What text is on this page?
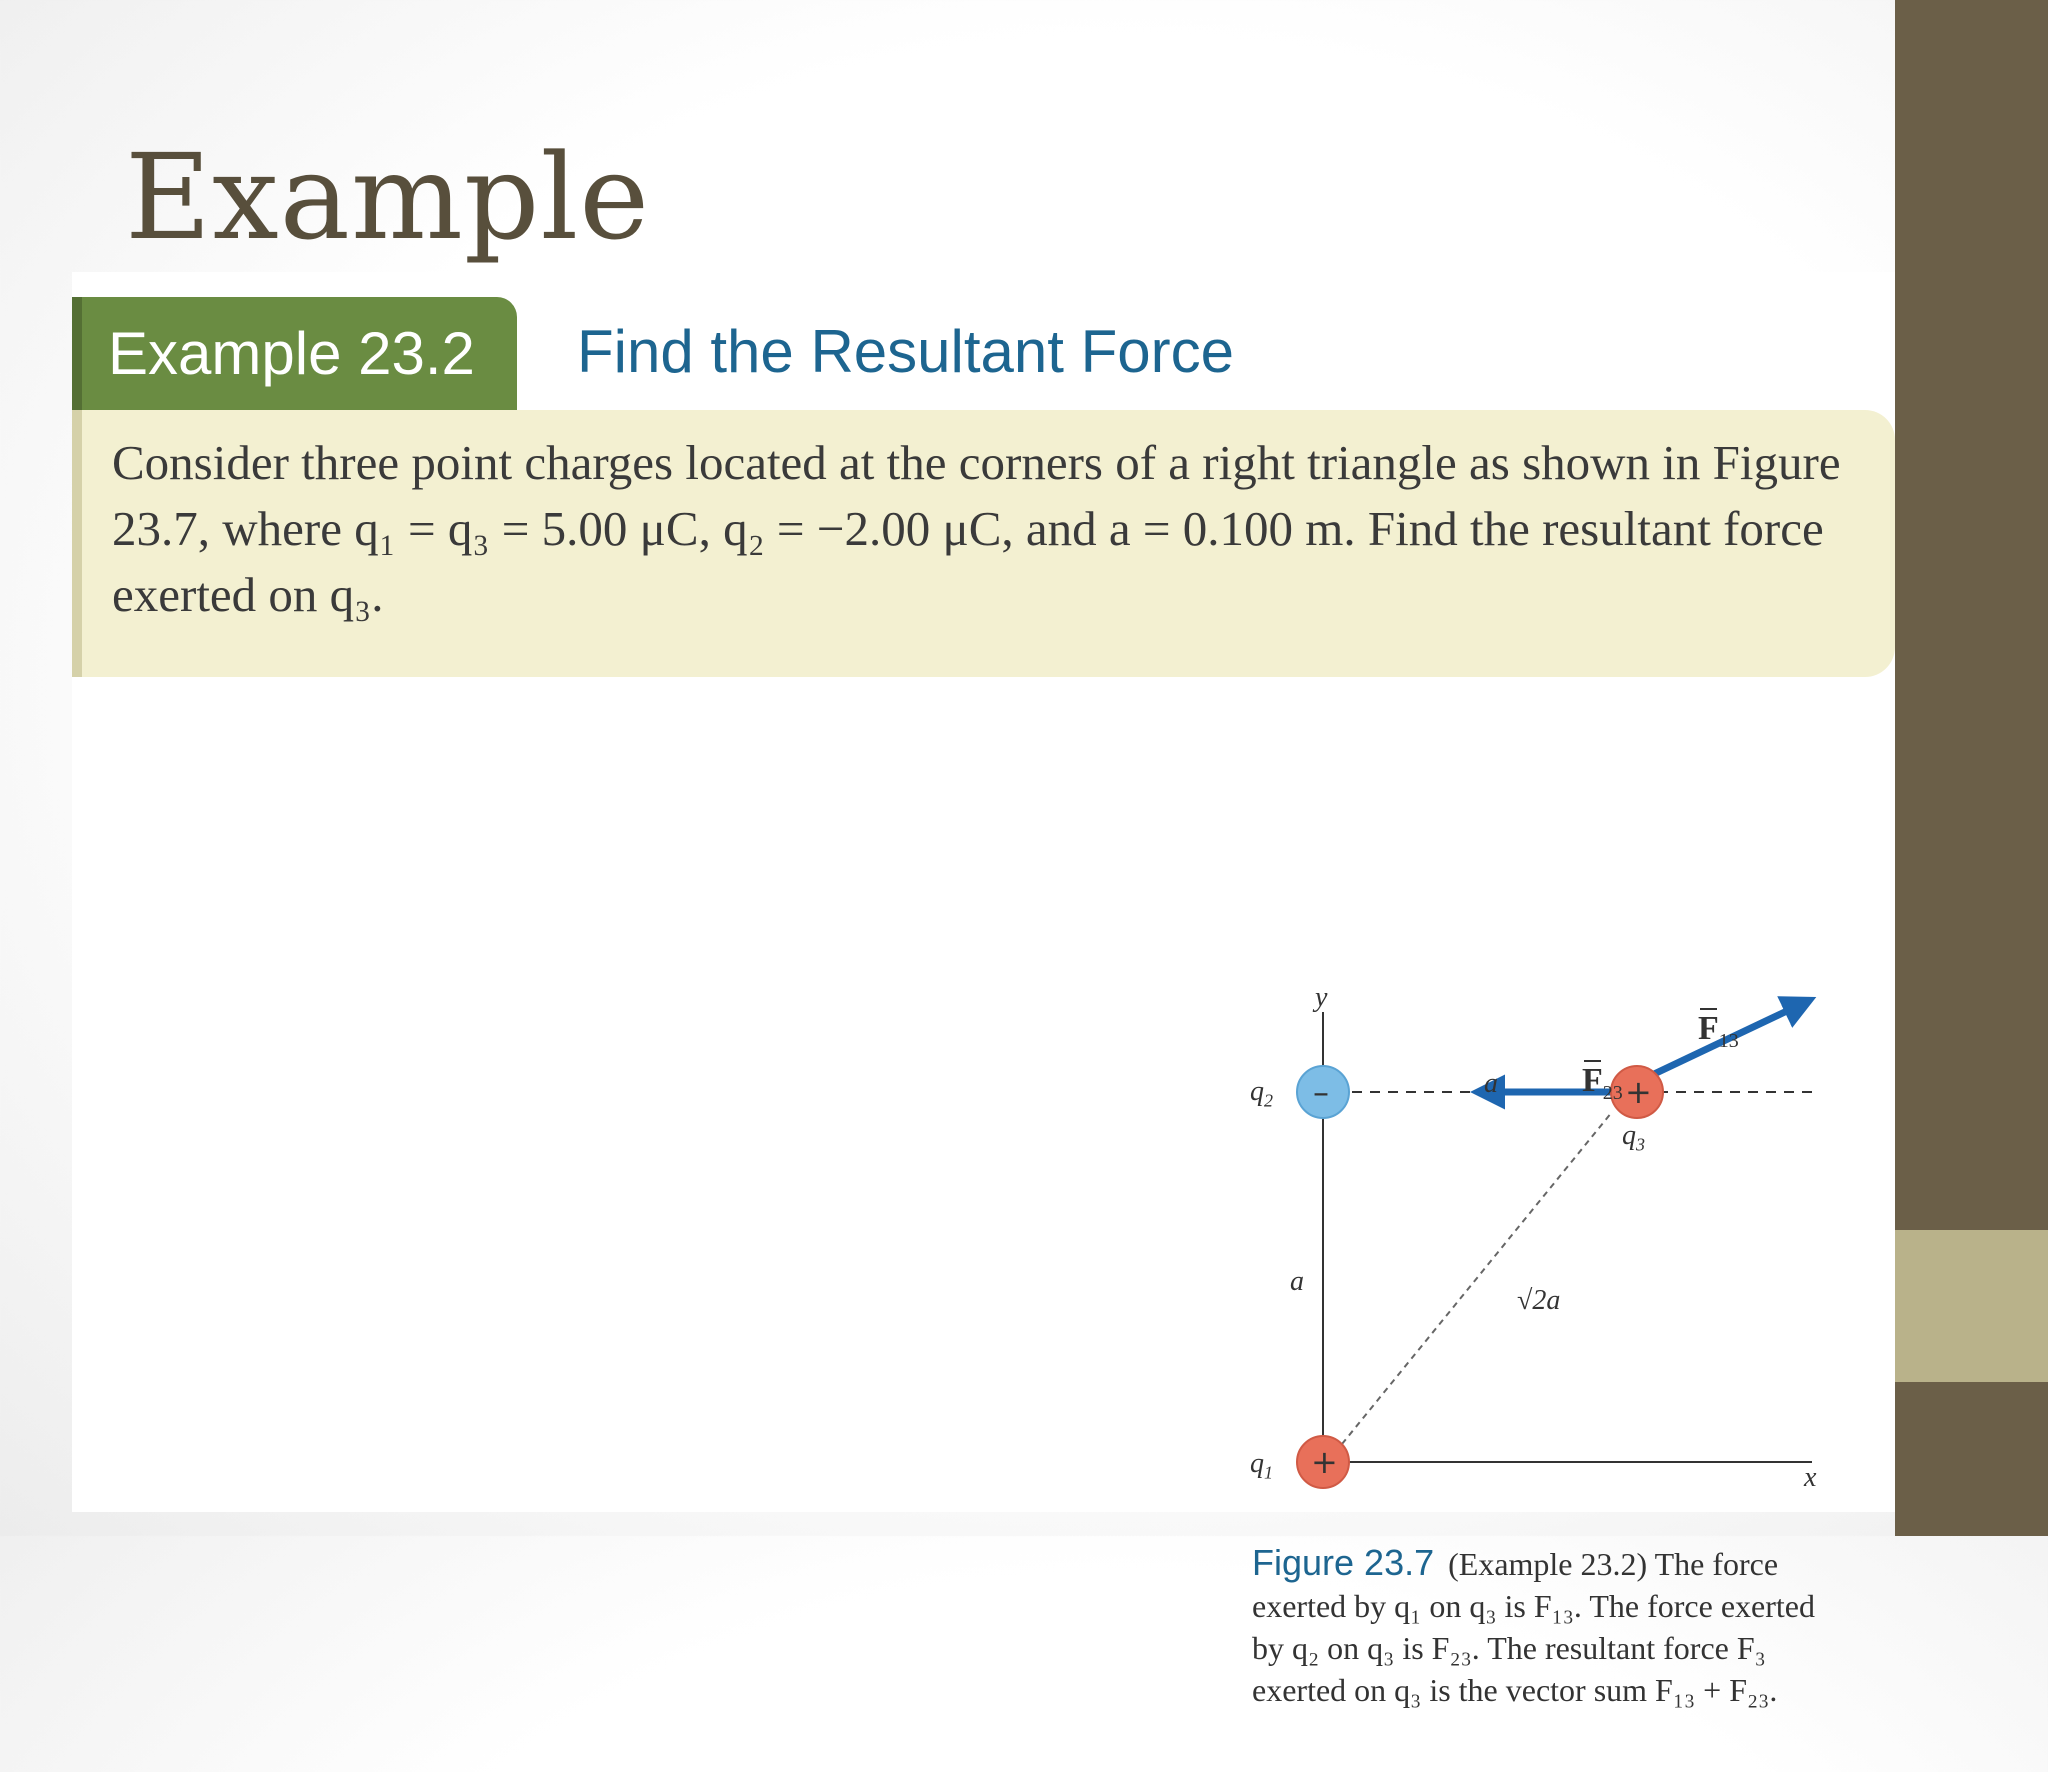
Example
Example 23.2 Find the Resultant Force

Consider three point charges located at the corners of a right triangle as shown in Figure 23.7, where q₁ = q₃ = 5.00 μC, q₂ = −2.00 μC, and a = 0.100 m. Find the resultant force exerted on q₃.

–	+
+
y
x
$q_2$
$q_3$
$q_1$
a
a
√2a
$F_{23}$
$F_{13}$

Figure 23.7 (Example 23.2) The force exerted by q₁ on q₃ is F₁₃. The force exerted by q₂ on q₃ is F₂₃. The resultant force F₃ exerted on q₃ is the vector sum F₁₃ + F₂₃.
